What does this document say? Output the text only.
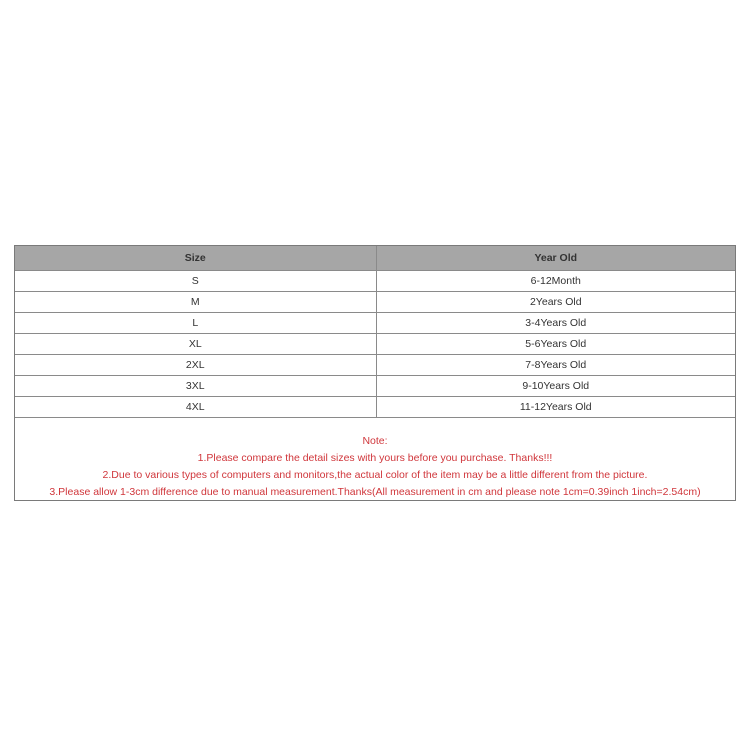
Size	Year Old
S	6-12Month
M	2Years Old
L	3-4Years Old
XL	5-6Years Old
2XL	7-8Years Old
3XL	9-10Years Old
4XL	11-12Years Old
Note:
1.Please compare the detail sizes with yours before you purchase. Thanks!!!
2.Due to various types of computers and monitors,the actual color of the item may be a little different from the picture.
3.Please allow 1-3cm difference due to manual measurement.Thanks(All measurement in cm and please note 1cm=0.39inch 1inch=2.54cm)
